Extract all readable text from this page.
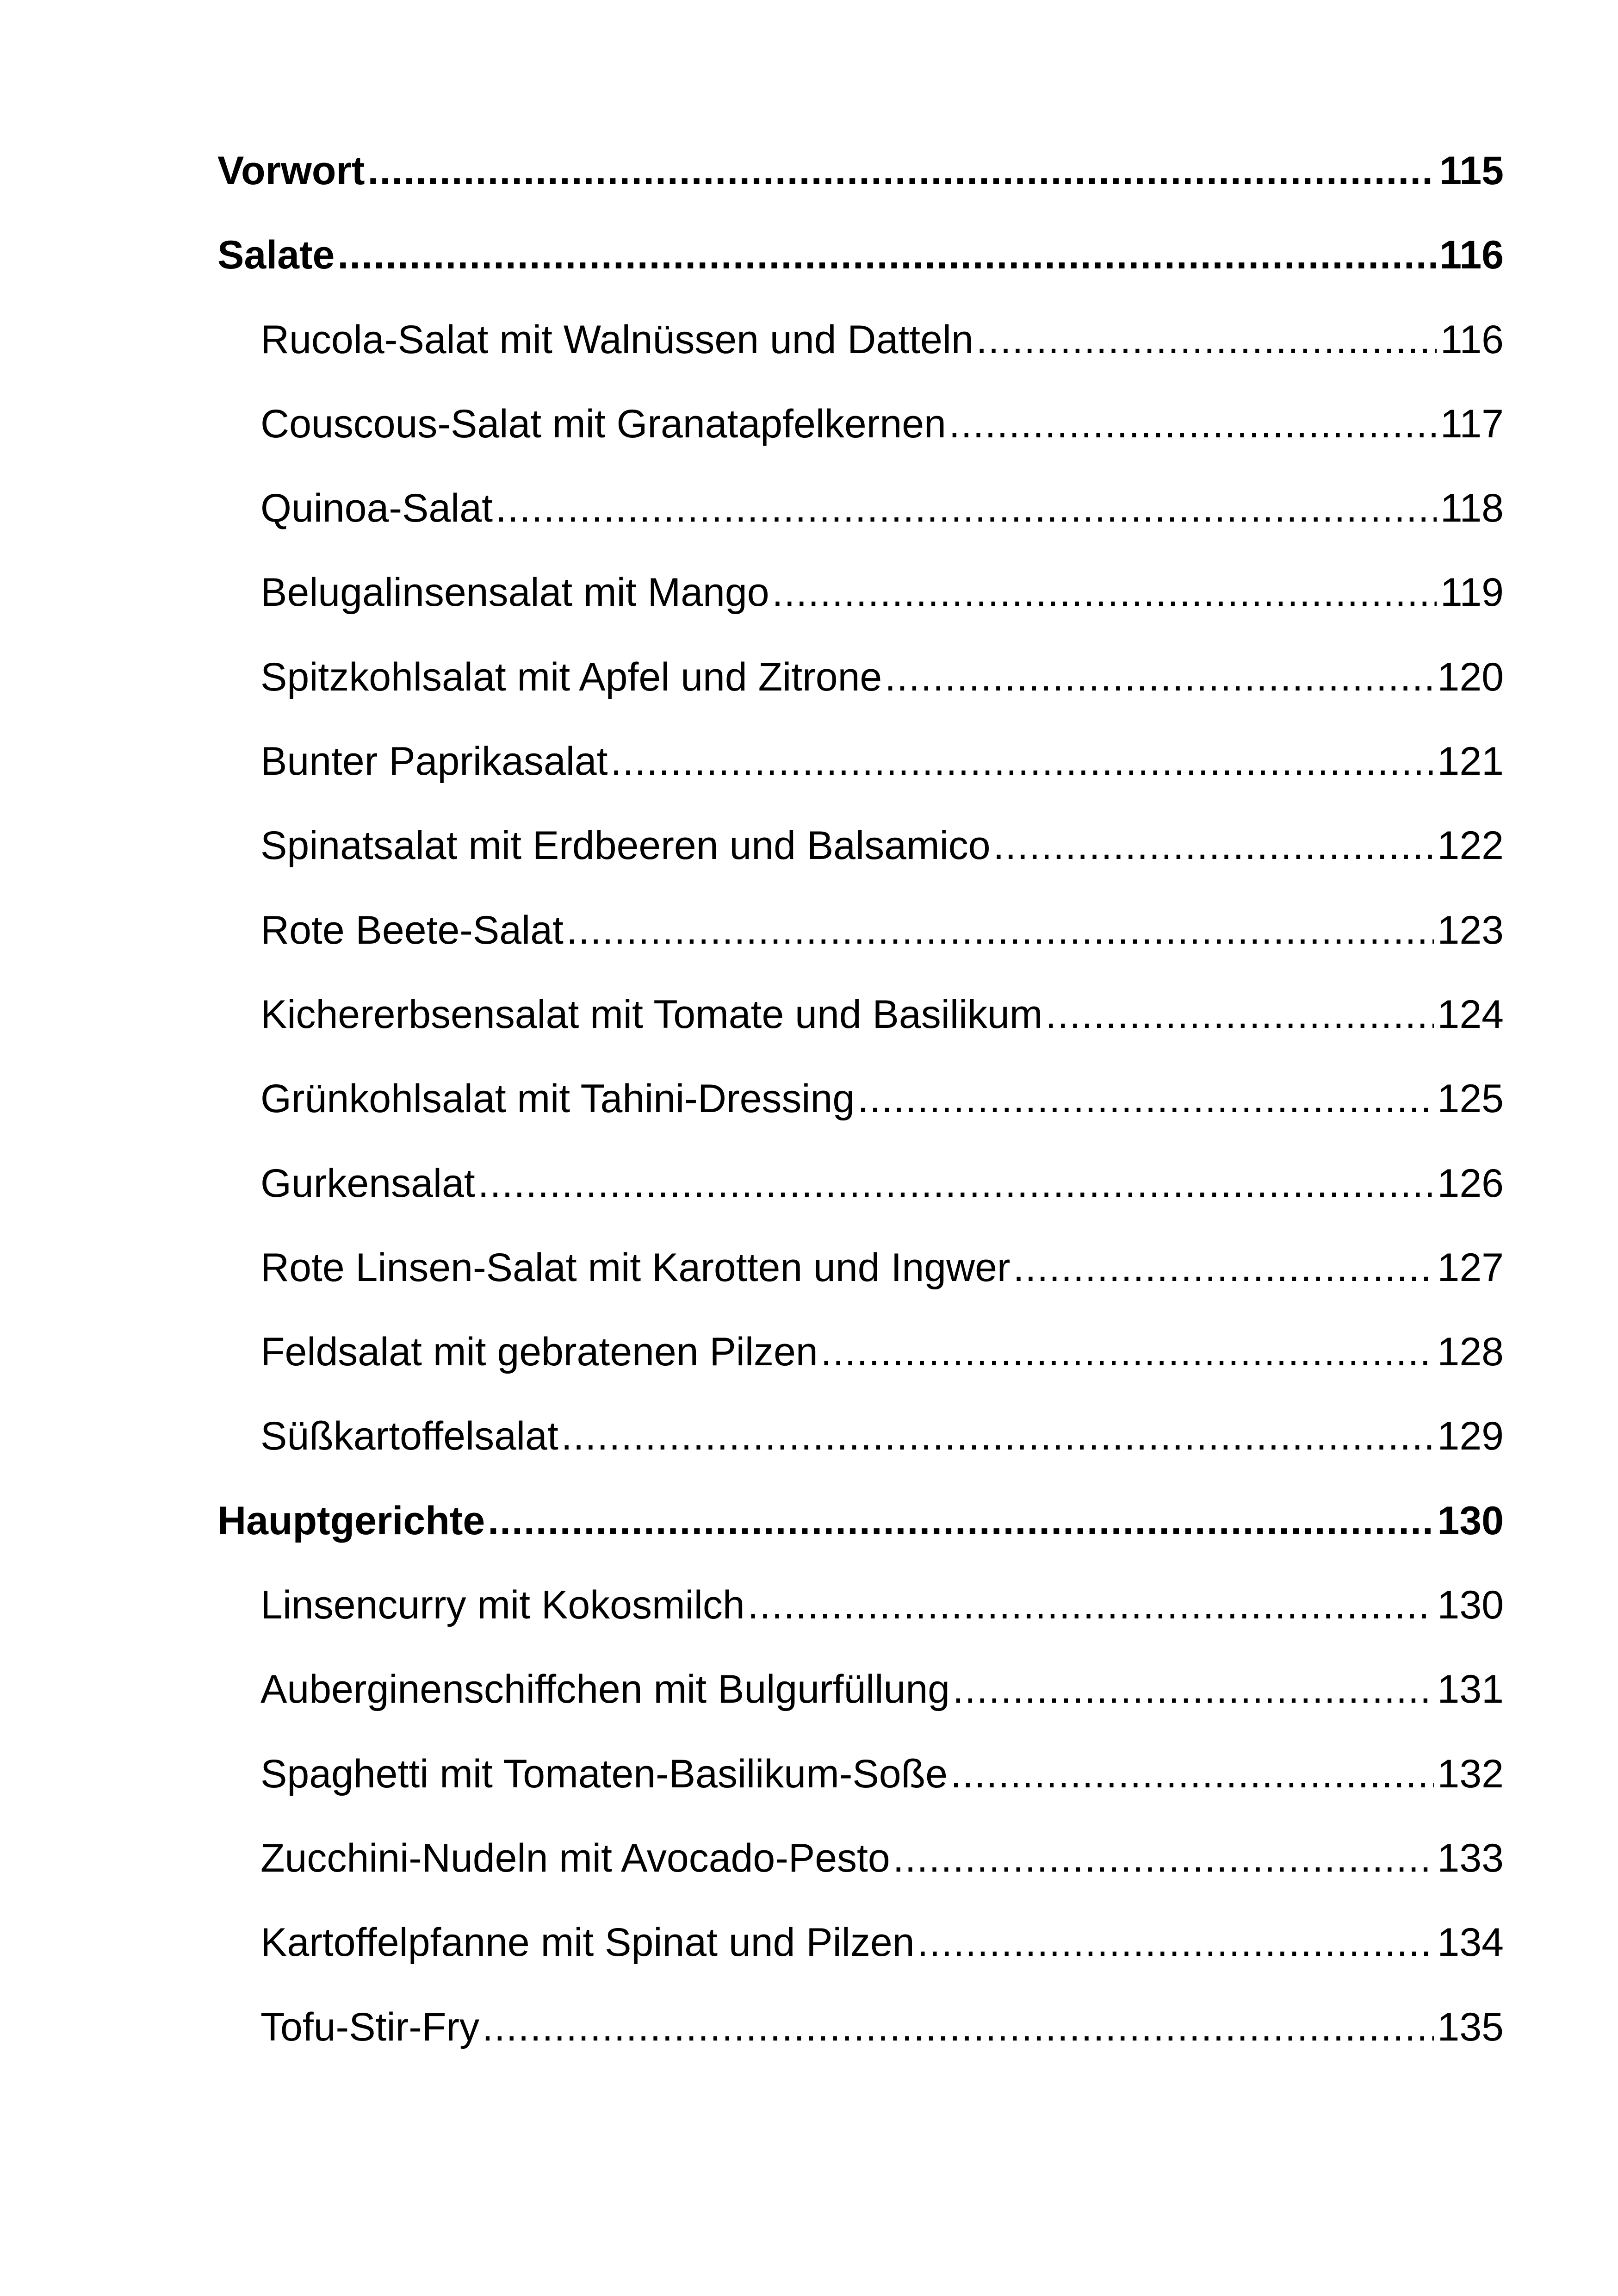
Vorwort .....	115
Salate .....	116
Rucola-Salat mit Walnüssen und Datteln .....	116
Couscous-Salat mit Granatapfelkernen .....	117
Quinoa-Salat .....	118
Belugalinsensalat mit Mango .....	119
Spitzkohlsalat mit Apfel und Zitrone .....	120
Bunter Paprikasalat .....	121
Spinatsalat mit Erdbeeren und Balsamico .....	122
Rote Beete-Salat .....	123
Kichererbsensalat mit Tomate und Basilikum .....	124
Grünkohlsalat mit Tahini-Dressing .....	125
Gurkensalat .....	126
Rote Linsen-Salat mit Karotten und Ingwer .....	127
Feldsalat mit gebratenen Pilzen .....	128
Süßkartoffelsalat .....	129
Hauptgerichte .....	130
Linsencurry mit Kokosmilch .....	130
Auberginenschiffchen mit Bulgurfüllung .....	131
Spaghetti mit Tomaten-Basilikum-Soße .....	132
Zucchini-Nudeln mit Avocado-Pesto .....	133
Kartoffelpfanne mit Spinat und Pilzen .....	134
Tofu-Stir-Fry .....	135
